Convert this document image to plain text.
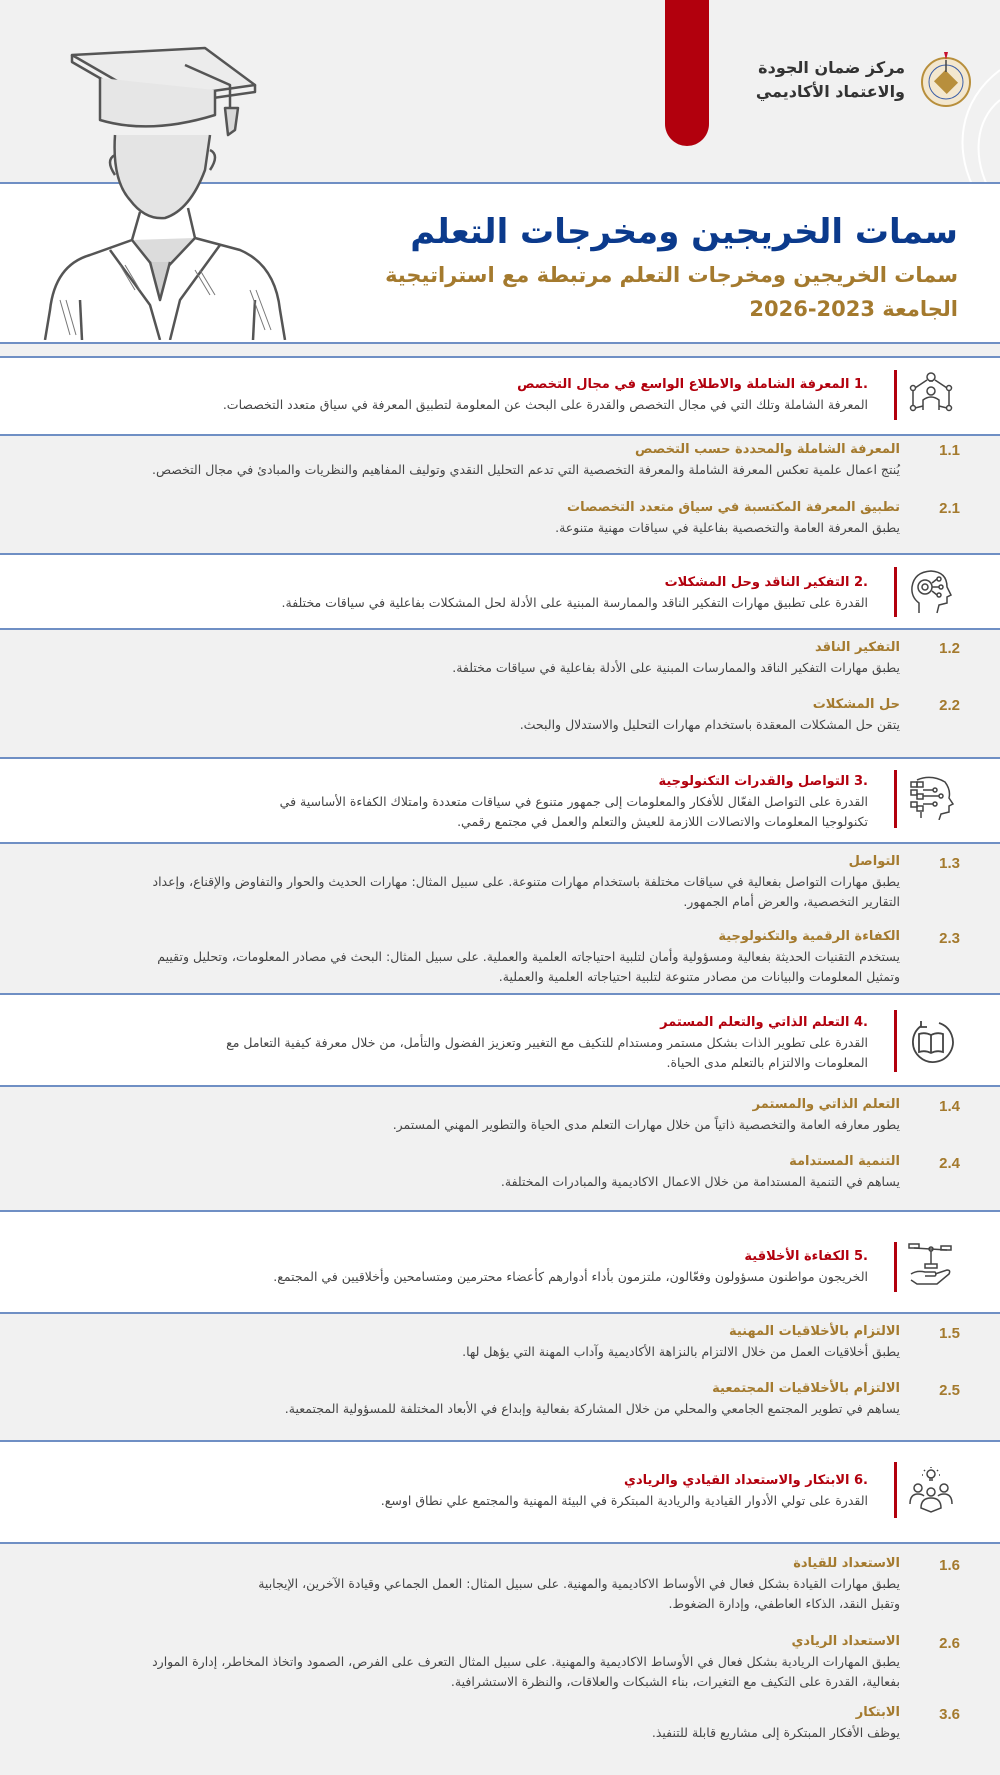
مركز ضمان الجودة
والاعتماد الأكاديمي
سمات الخريجين ومخرجات التعلم
سمات الخريجين ومخرجات التعلم مرتبطة مع استراتيجية
الجامعة 2023-2026
.1 المعرفة الشاملة والاطلاع الواسع في مجال التخصص
المعرفة الشاملة وتلك التي في مجال التخصص والقدرة على البحث عن المعلومة لتطبيق المعرفة في سياق متعدد التخصصات.
1.1
المعرفة الشاملة والمحددة حسب التخصص
يُنتج اعمال علمية تعكس المعرفة الشاملة والمعرفة التخصصية التي تدعم التحليل النقدي وتوليف المفاهيم والنظريات والمبادئ في مجال التخصص.
2.1
تطبيق المعرفة المكتسبة في سياق متعدد التخصصات
يطبق المعرفة العامة والتخصصية بفاعلية في سياقات مهنية متنوعة.
.2 التفكير الناقد وحل المشكلات
القدرة على تطبيق مهارات التفكير الناقد والممارسة المبنية على الأدلة لحل المشكلات بفاعلية في سياقات مختلفة.
1.2
التفكير الناقد
يطبق مهارات التفكير الناقد والممارسات المبنية على الأدلة بفاعلية في سياقات مختلفة.
2.2
حل المشكلات
يتقن حل المشكلات المعقدة باستخدام مهارات التحليل والاستدلال والبحث.
.3 التواصل والقدرات التكنولوجية
القدرة على التواصل الفعّال للأفكار والمعلومات إلى جمهور متنوع في سياقات متعددة وامتلاك الكفاءة الأساسية في
تكنولوجيا المعلومات والاتصالات اللازمة للعيش والتعلم والعمل في مجتمع رقمي.
1.3
التواصل
يطبق مهارات التواصل بفعالية في سياقات مختلفة باستخدام مهارات متنوعة. على سبيل المثال: مهارات الحديث والحوار والتفاوض والإقناع، وإعداد
التقارير التخصصية، والعرض أمام الجمهور.
2.3
الكفاءة الرقمية والتكنولوجية
يستخدم التقنيات الحديثة بفعالية ومسؤولية وأمان لتلبية احتياجاته العلمية والعملية. على سبيل المثال: البحث في مصادر المعلومات، وتحليل وتقييم
وتمثيل المعلومات والبيانات من مصادر متنوعة لتلبية احتياجاته العلمية والعملية.
.4 التعلم الذاتي والتعلم المستمر
القدرة على تطوير الذات بشكل مستمر ومستدام للتكيف مع التغيير وتعزيز الفضول والتأمل، من خلال معرفة كيفية التعامل مع
المعلومات والالتزام بالتعلم مدى الحياة.
1.4
التعلم الذاتي والمستمر
يطور معارفه العامة والتخصصية ذاتياً من خلال مهارات التعلم مدى الحياة والتطوير المهني المستمر.
2.4
التنمية المستدامة
يساهم في التنمية المستدامة من خلال الاعمال الاكاديمية والمبادرات المختلفة.
.5 الكفاءة الأخلاقية
الخريجون مواطنون مسؤولون وفعّالون، ملتزمون بأداء أدوارهم كأعضاء محترمين ومتسامحين وأخلاقيين في المجتمع.
1.5
الالتزام بالأخلاقيات المهنية
يطبق أخلاقيات العمل من خلال الالتزام بالنزاهة الأكاديمية وآداب المهنة التي يؤهل لها.
2.5
الالتزام بالأخلاقيات المجتمعية
يساهم في تطوير المجتمع الجامعي والمحلي من خلال المشاركة بفعالية وإبداع في الأبعاد المختلفة للمسؤولية المجتمعية.
.6 الابتكار والاستعداد القيادي والريادي
القدرة على تولي الأدوار القيادية والريادية المبتكرة في البيئة المهنية والمجتمع علي نطاق اوسع.
1.6
الاستعداد للقيادة
يطبق مهارات القيادة بشكل فعال في الأوساط الاكاديمية والمهنية. على سبيل المثال: العمل الجماعي وقيادة الآخرين، الإيجابية
وتقبل النقد، الذكاء العاطفي، وإدارة الضغوط.
2.6
الاستعداد الريادي
يطبق المهارات الريادية بشكل فعال في الأوساط الاكاديمية والمهنية. على سبيل المثال التعرف على الفرص، الصمود واتخاذ المخاطر، إدارة الموارد
بفعالية، القدرة على التكيف مع التغيرات، بناء الشبكات والعلاقات، والنظرة الاستشرافية.
3.6
الابتكار
يوظف الأفكار المبتكرة إلى مشاريع قابلة للتنفيذ.
